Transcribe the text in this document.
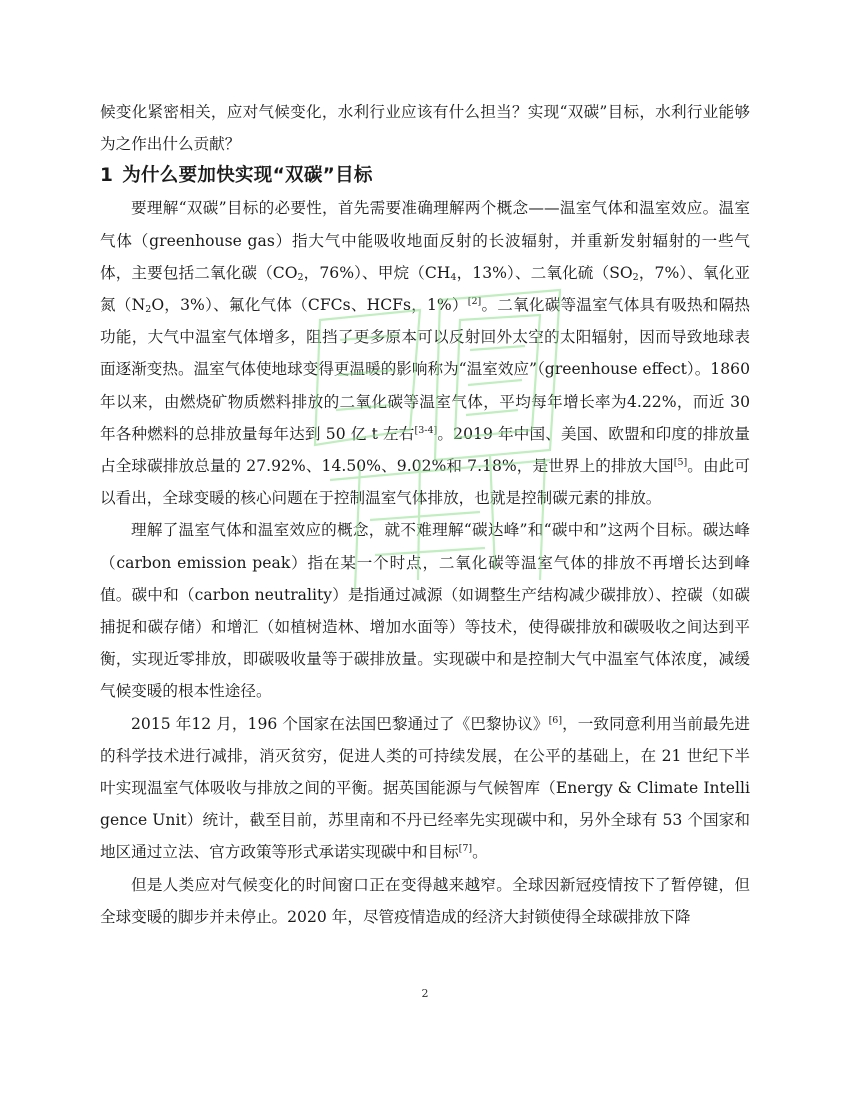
候变化紧密相关，应对气候变化，水利行业应该有什么担当？实现“双碳”目标，水利行业能够为之作出什么贡献？

1 为什么要加快实现“双碳”目标

要理解“双碳”目标的必要性，首先需要准确理解两个概念——温室气体和温室效应。温室气体（greenhouse gas）指大气中能吸收地面反射的长波辐射，并重新发射辐射的一些气体，主要包括二氧化碳（$CO_2$，76%）、甲烷（$CH_4$，13%）、二氧化硫（$SO_2$，7%）、氧化亚氮（$N_2O$，3%）、氟化气体（CFCs、HCFs，1%）[2]。二氧化碳等温室气体具有吸热和隔热功能，大气中温室气体增多，阻挡了更多原本可以反射回外太空的太阳辐射，因而导致地球表面逐渐变热。温室气体使地球变得更温暖的影响称为“温室效应”（greenhouse effect）。1860 年以来，由燃烧矿物质燃料排放的二氧化碳等温室气体，平均每年增长率为4.22%，而近 30 年各种燃料的总排放量每年达到 50 亿 t 左右[3-4]。2019 年中国、美国、欧盟和印度的排放量占全球碳排放总量的 27.92%、14.50%、9.02%和 7.18%，是世界上的排放大国[5]。由此可以看出，全球变暖的核心问题在于控制温室气体排放，也就是控制碳元素的排放。

理解了温室气体和温室效应的概念，就不难理解“碳达峰”和“碳中和”这两个目标。碳达峰（carbon emission peak）指在某一个时点，二氧化碳等温室气体的排放不再增长达到峰值。碳中和（carbon neutrality）是指通过减源（如调整生产结构减少碳排放）、控碳（如碳捕捉和碳存储）和增汇（如植树造林、增加水面等）等技术，使得碳排放和碳吸收之间达到平衡，实现近零排放，即碳吸收量等于碳排放量。实现碳中和是控制大气中温室气体浓度，减缓气候变暖的根本性途径。

2015 年12 月，196 个国家在法国巴黎通过了《巴黎协议》[6]，一致同意利用当前最先进的科学技术进行减排，消灭贫穷，促进人类的可持续发展，在公平的基础上，在 21 世纪下半叶实现温室气体吸收与排放之间的平衡。据英国能源与气候智库（Energy & Climate Intelligence Unit）统计，截至目前，苏里南和不丹已经率先实现碳中和，另外全球有 53 个国家和地区通过立法、官方政策等形式承诺实现碳中和目标[7]。

但是人类应对气候变化的时间窗口正在变得越来越窄。全球因新冠疫情按下了暂停键，但全球变暖的脚步并未停止。2020 年，尽管疫情造成的经济大封锁使得全球碳排放下降

2
